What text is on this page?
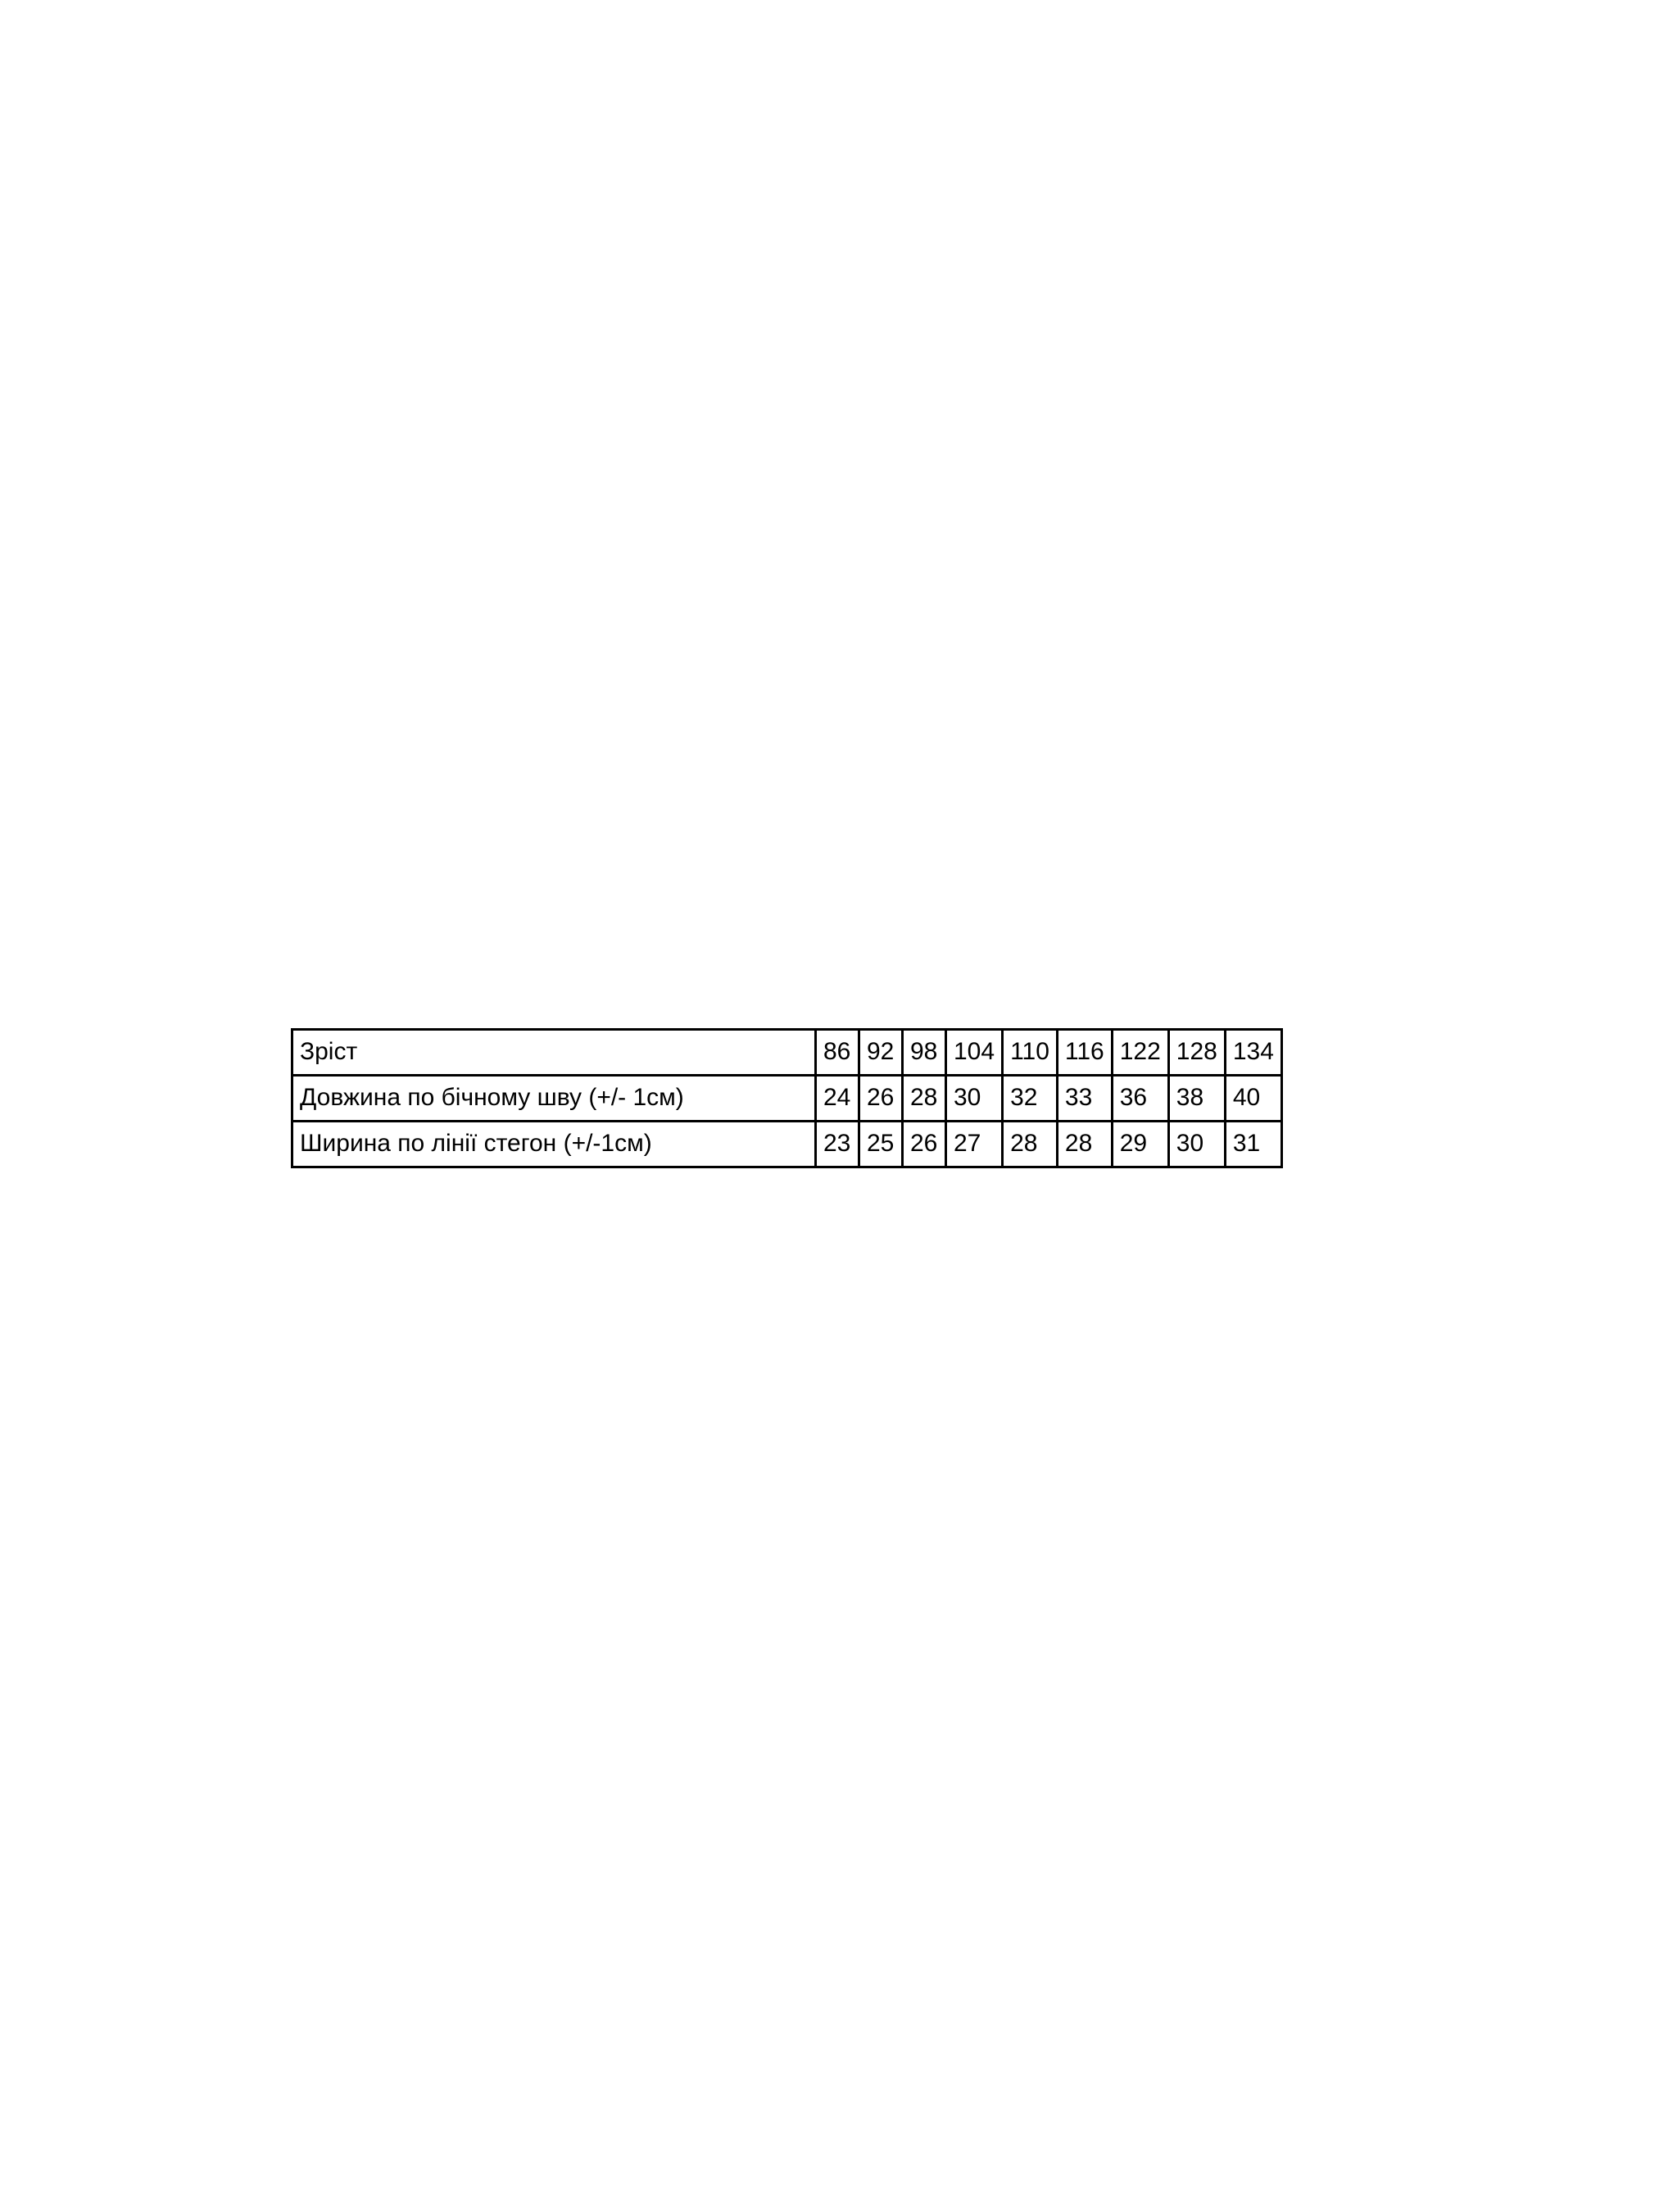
Зріст	86	92	98	104	110	116	122	128	134
Довжина по бічному шву (+/- 1см)	24	26	28	30	32	33	36	38	40
Ширина по лінії стегон (+/-1см)	23	25	26	27	28	28	29	30	31
